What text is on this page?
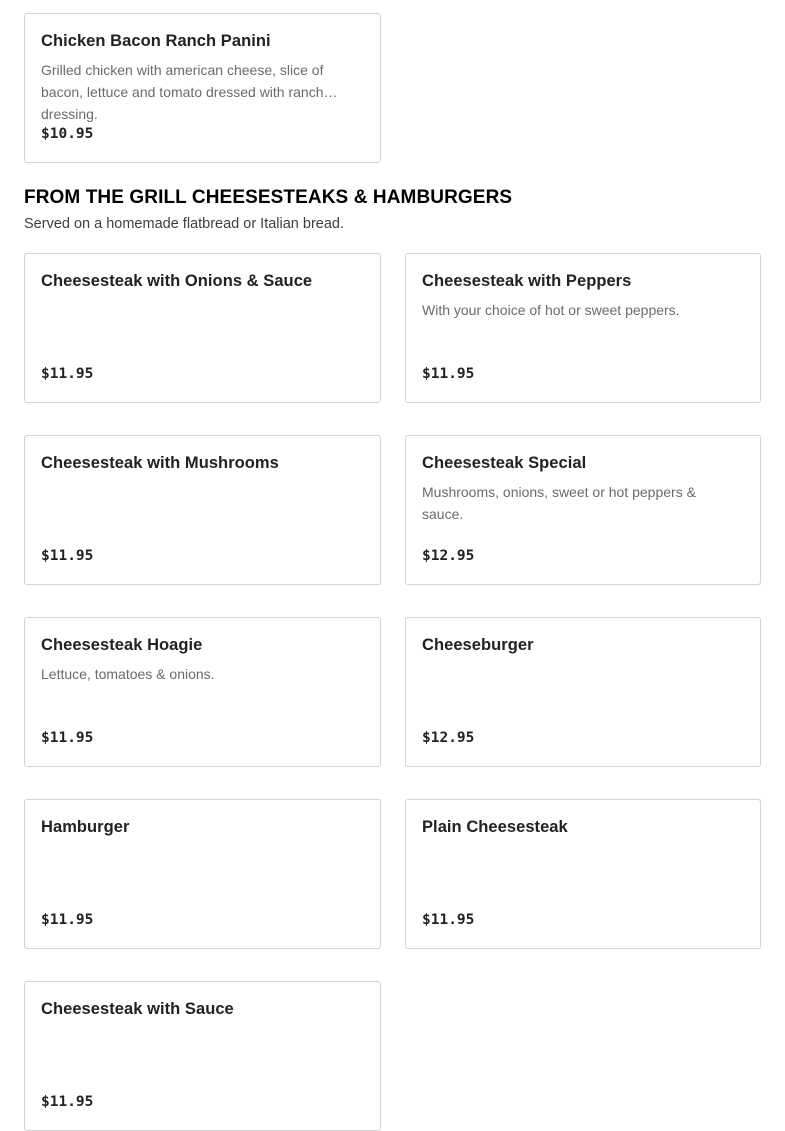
Chicken Bacon Ranch Panini
Grilled chicken with american cheese, slice of bacon, lettuce and tomato dressed with ranch dressing.
$10.95
FROM THE GRILL CHEESESTEAKS & HAMBURGERS
Served on a homemade flatbread or Italian bread.
Cheesesteak with Onions & Sauce
$11.95
Cheesesteak with Peppers
With your choice of hot or sweet peppers.
$11.95
Cheesesteak with Mushrooms
$11.95
Cheesesteak Special
Mushrooms, onions, sweet or hot peppers & sauce.
$12.95
Cheesesteak Hoagie
Lettuce, tomatoes & onions.
$11.95
Cheeseburger
$12.95
Hamburger
$11.95
Plain Cheesesteak
$11.95
Cheesesteak with Sauce
$11.95
